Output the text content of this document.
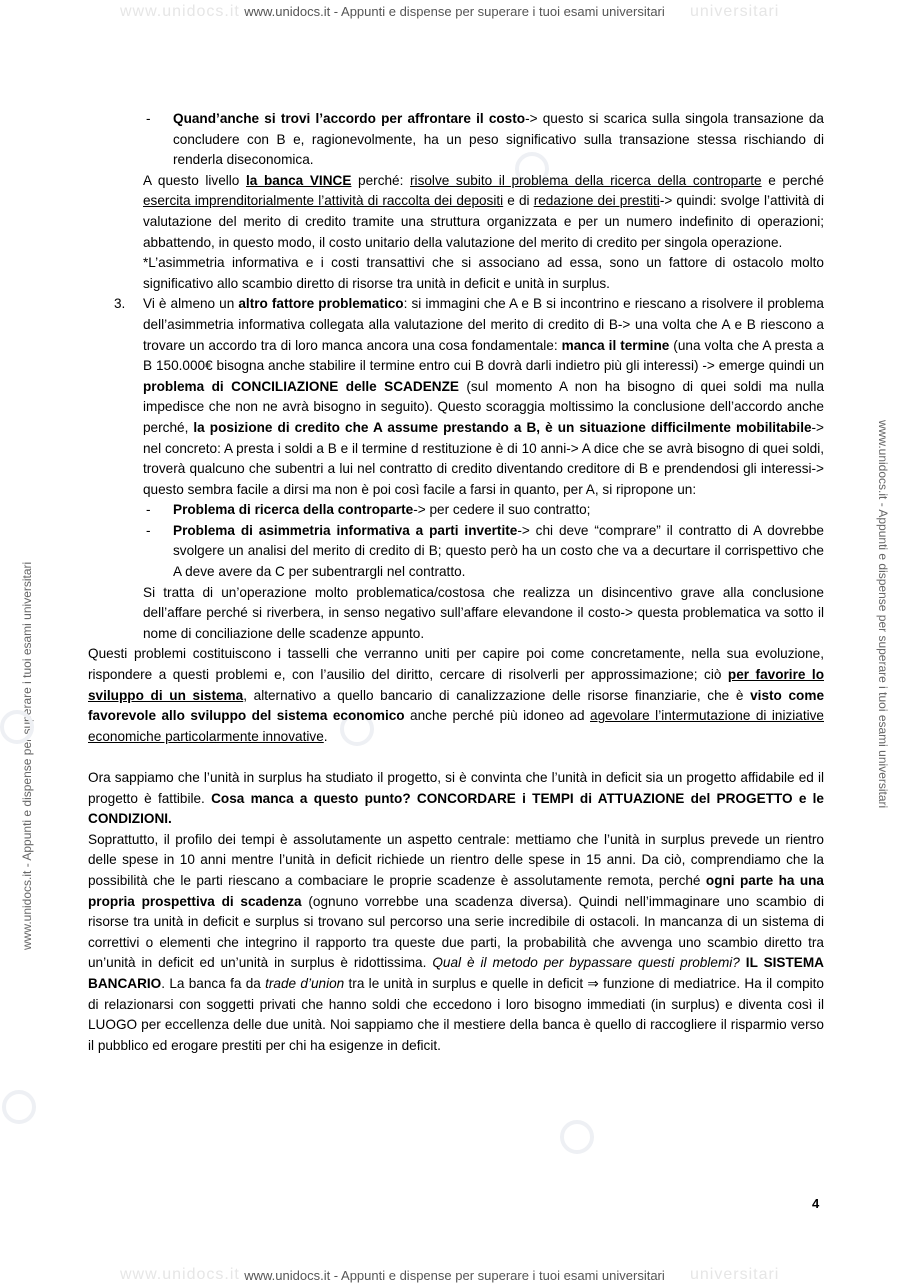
www.unidocs.it	universitari
www.unidocs.it - Appunti e dispense per superare i tuoi esami universitari
www.unidocs.it	universitari
www.unidocs.it - Appunti e dispense per superare i tuoi esami universitari
www.unidocs.it - Appunti e dispense per superare i tuoi esami universitari	www.unidocs.it - Appunti e dispense per superare i tuoi esami universitari

- Quand’anche si trovi l’accordo per affrontare il costo-> questo si scarica sulla singola transazione da concludere con B e, ragionevolmente, ha un peso significativo sulla transazione stessa rischiando di renderla diseconomica.

A questo livello la banca VINCE perché: risolve subito il problema della ricerca della controparte e perché esercita imprenditorialmente l’attività di raccolta dei depositi e di redazione dei prestiti-> quindi: svolge l’attività di valutazione del merito di credito tramite una struttura organizzata e per un numero indefinito di operazioni; abbattendo, in questo modo, il costo unitario della valutazione del merito di credito per singola operazione.

*L’asimmetria informativa e i costi transattivi che si associano ad essa, sono un fattore di ostacolo molto significativo allo scambio diretto di risorse tra unità in deficit e unità in surplus.

3. Vi è almeno un altro fattore problematico: si immagini che A e B si incontrino e riescano a risolvere il problema dell’asimmetria informativa collegata alla valutazione del merito di credito di B-> una volta che A e B riescono a trovare un accordo tra di loro manca ancora una cosa fondamentale: manca il termine (una volta che A presta a B 150.000€ bisogna anche stabilire il termine entro cui B dovrà darli indietro più gli interessi) -> emerge quindi un problema di CONCILIAZIONE delle SCADENZE (sul momento A non ha bisogno di quei soldi ma nulla impedisce che non ne avrà bisogno in seguito). Questo scoraggia moltissimo la conclusione dell’accordo anche perché, la posizione di credito che A assume prestando a B, è un situazione difficilmente mobilitabile-> nel concreto: A presta i soldi a B e il termine d restituzione è di 10 anni-> A dice che se avrà bisogno di quei soldi, troverà qualcuno che subentri a lui nel contratto di credito diventando creditore di B e prendendosi gli interessi-> questo sembra facile a dirsi ma non è poi così facile a farsi in quanto, per A, si ripropone un:

- Problema di ricerca della controparte-> per cedere il suo contratto;

- Problema di asimmetria informativa a parti invertite-> chi deve “comprare” il contratto di A dovrebbe svolgere un analisi del merito di credito di B; questo però ha un costo che va a decurtare il corrispettivo che A deve avere da C per subentrargli nel contratto.

Si tratta di un’operazione molto problematica/costosa che realizza un disincentivo grave alla conclusione dell’affare perché si riverbera, in senso negativo sull’affare elevandone il costo-> questa problematica va sotto il nome di conciliazione delle scadenze appunto.

Questi problemi costituiscono i tasselli che verranno uniti per capire poi come concretamente, nella sua evoluzione, rispondere a questi problemi e, con l’ausilio del diritto, cercare di risolverli per approssimazione; ciò per favorire lo sviluppo di un sistema, alternativo a quello bancario di canalizzazione delle risorse finanziarie, che è visto come favorevole allo sviluppo del sistema economico anche perché più idoneo ad agevolare l’intermutazione di iniziative economiche particolarmente innovative.

Ora sappiamo che l’unità in surplus ha studiato il progetto, si è convinta che l’unità in deficit sia un progetto affidabile ed il progetto è fattibile. Cosa manca a questo punto? CONCORDARE i TEMPI di ATTUAZIONE del PROGETTO e le CONDIZIONI.

Soprattutto, il profilo dei tempi è assolutamente un aspetto centrale: mettiamo che l’unità in surplus prevede un rientro delle spese in 10 anni mentre l’unità in deficit richiede un rientro delle spese in 15 anni. Da ciò, comprendiamo che la possibilità che le parti riescano a combaciare le proprie scadenze è assolutamente remota, perché ogni parte ha una propria prospettiva di scadenza (ognuno vorrebbe una scadenza diversa). Quindi nell’immaginare uno scambio di risorse tra unità in deficit e surplus si trovano sul percorso una serie incredibile di ostacoli. In mancanza di un sistema di correttivi o elementi che integrino il rapporto tra queste due parti, la probabilità che avvenga uno scambio diretto tra un’unità in deficit ed un’unità in surplus è ridottissima. Qual è il metodo per bypassare questi problemi? IL SISTEMA BANCARIO. La banca fa da trade d’union tra le unità in surplus e quelle in deficit ⇒ funzione di mediatrice. Ha il compito di relazionarsi con soggetti privati che hanno soldi che eccedono i loro bisogno immediati (in surplus) e diventa così il LUOGO per eccellenza delle due unità. Noi sappiamo che il mestiere della banca è quello di raccogliere il risparmio verso il pubblico ed erogare prestiti per chi ha esigenze in deficit.

4
